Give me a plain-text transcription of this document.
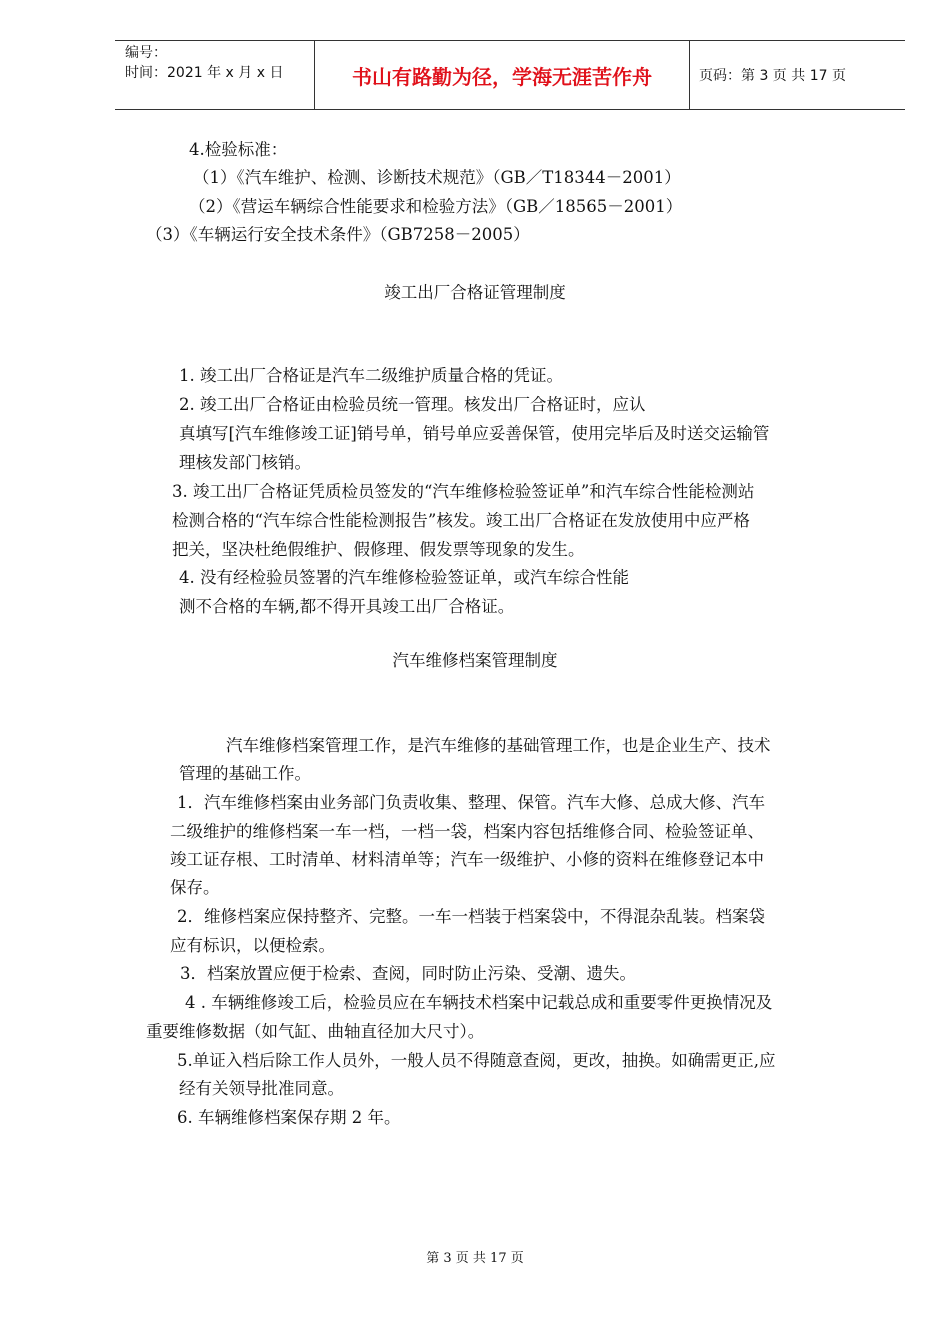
编号：
时间：2021 年 x 月 x 日	书山有路勤为径，学海无涯苦作舟	页码：第 3 页 共 17 页
4.检验标准：
（1）《汽车维护、检测、诊断技术规范》（GB／T18344－2001）
（2）《营运车辆综合性能要求和检验方法》（GB／18565－2001）
（3）《车辆运行安全技术条件》（GB7258－2005）
竣工出厂合格证管理制度
1. 竣工出厂合格证是汽车二级维护质量合格的凭证。
2. 竣工出厂合格证由检验员统一管理。核发出厂合格证时，应认
真填写[汽车维修竣工证]销号单，销号单应妥善保管，使用完毕后及时送交运输管
理核发部门核销。
3. 竣工出厂合格证凭质检员签发的“汽车维修检验签证单”和汽车综合性能检测站
检测合格的“汽车综合性能检测报告”核发。竣工出厂合格证在发放使用中应严格
把关，坚决杜绝假维护、假修理、假发票等现象的发生。
4. 没有经检验员签署的汽车维修检验签证单，或汽车综合性能
测不合格的车辆,都不得开具竣工出厂合格证。
汽车维修档案管理制度
汽车维修档案管理工作，是汽车维修的基础管理工作，也是企业生产、技术
管理的基础工作。
1．汽车维修档案由业务部门负责收集、整理、保管。汽车大修、总成大修、汽车
二级维护的维修档案一车一档，一档一袋，档案内容包括维修合同、检验签证单、
竣工证存根、工时清单、材料清单等；汽车一级维护、小修的资料在维修登记本中
保存。
2．维修档案应保持整齐、完整。一车一档装于档案袋中，不得混杂乱装。档案袋
应有标识，以便检索。
3．档案放置应便于检索、查阅，同时防止污染、受潮、遗失。
4 . 车辆维修竣工后，检验员应在车辆技术档案中记载总成和重要零件更换情况及
重要维修数据（如气缸、曲轴直径加大尺寸）。
5.单证入档后除工作人员外，一般人员不得随意查阅，更改，抽换。如确需更正,应
经有关领导批准同意。
6. 车辆维修档案保存期 2 年。
第 3 页 共 17 页
